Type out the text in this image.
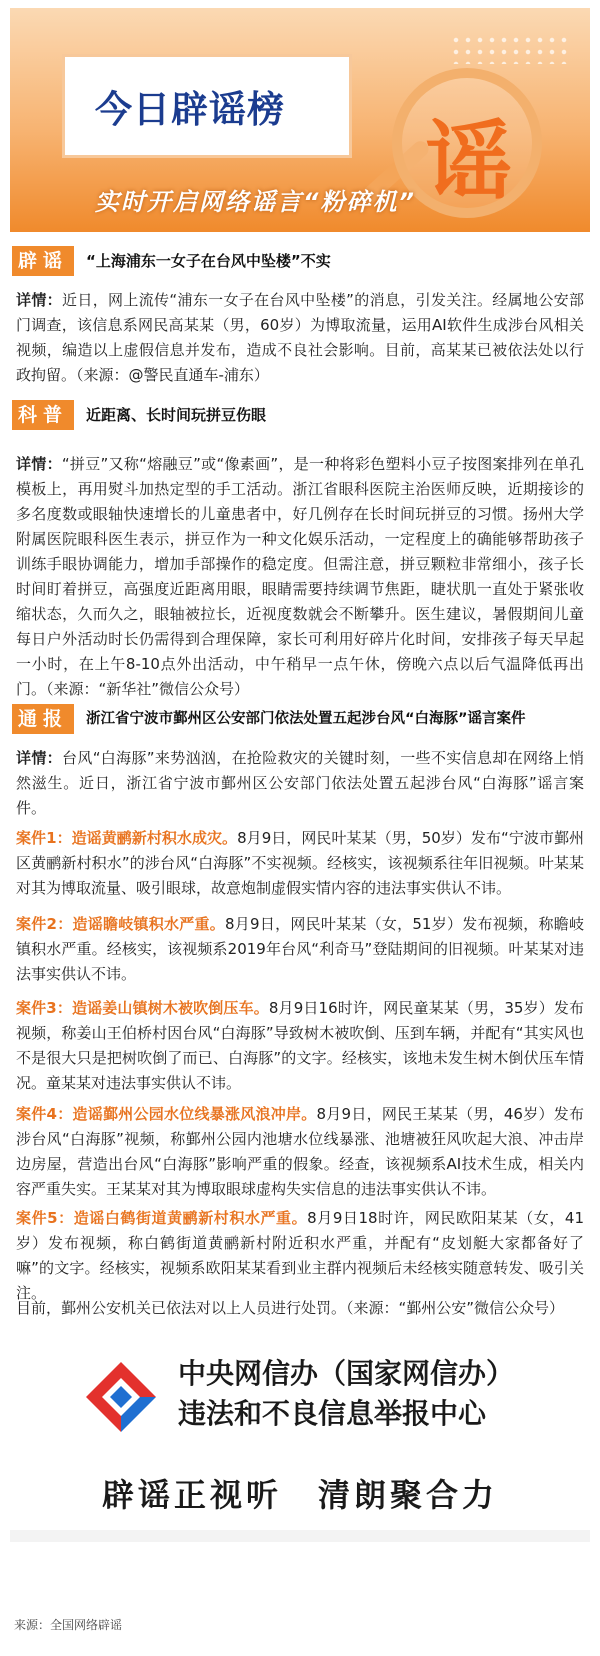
今日辟谣榜
谣
实时开启网络谣言“粉碎机”
辟谣	“上海浦东一女子在台风中坠楼”不实
详情：近日，网上流传“浦东一女子在台风中坠楼”的消息，引发关注。经属地公安部门调查，该信息系网民高某某（男，60岁）为博取流量，运用AI软件生成涉台风相关视频，编造以上虚假信息并发布，造成不良社会影响。目前，高某某已被依法处以行政拘留。（来源：@警民直通车-浦东）
科普	近距离、长时间玩拼豆伤眼
详情：“拼豆”又称“熔融豆”或“像素画”，是一种将彩色塑料小豆子按图案排列在单孔模板上，再用熨斗加热定型的手工活动。浙江省眼科医院主治医师反映，近期接诊的多名度数或眼轴快速增长的儿童患者中，好几例存在长时间玩拼豆的习惯。扬州大学附属医院眼科医生表示，拼豆作为一种文化娱乐活动，一定程度上的确能够帮助孩子训练手眼协调能力，增加手部操作的稳定度。但需注意，拼豆颗粒非常细小，孩子长时间盯着拼豆，高强度近距离用眼，眼睛需要持续调节焦距，睫状肌一直处于紧张收缩状态，久而久之，眼轴被拉长，近视度数就会不断攀升。医生建议，暑假期间儿童每日户外活动时长仍需得到合理保障，家长可利用好碎片化时间，安排孩子每天早起一小时，在上午8-10点外出活动，中午稍早一点午休，傍晚六点以后气温降低再出门。（来源：“新华社”微信公众号）
通报	浙江省宁波市鄞州区公安部门依法处置五起涉台风“白海豚”谣言案件
详情：台风“白海豚”来势汹汹，在抢险救灾的关键时刻，一些不实信息却在网络上悄然滋生。近日，浙江省宁波市鄞州区公安部门依法处置五起涉台风“白海豚”谣言案件。
案件1：造谣黄鹂新村积水成灾。8月9日，网民叶某某（男，50岁）发布“宁波市鄞州区黄鹂新村积水”的涉台风“白海豚”不实视频。经核实，该视频系往年旧视频。叶某某对其为博取流量、吸引眼球，故意炮制虚假实情内容的违法事实供认不讳。
案件2：造谣瞻岐镇积水严重。8月9日，网民叶某某（女，51岁）发布视频，称瞻岐镇积水严重。经核实，该视频系2019年台风“利奇马”登陆期间的旧视频。叶某某对违法事实供认不讳。
案件3：造谣姜山镇树木被吹倒压车。8月9日16时许，网民童某某（男，35岁）发布视频，称姜山王伯桥村因台风“白海豚”导致树木被吹倒、压到车辆，并配有“其实风也不是很大只是把树吹倒了而已、白海豚”的文字。经核实，该地未发生树木倒伏压车情况。童某某对违法事实供认不讳。
案件4：造谣鄞州公园水位线暴涨风浪冲岸。8月9日，网民王某某（男，46岁）发布涉台风“白海豚”视频，称鄞州公园内池塘水位线暴涨、池塘被狂风吹起大浪、冲击岸边房屋，营造出台风“白海豚”影响严重的假象。经查，该视频系AI技术生成，相关内容严重失实。王某某对其为博取眼球虚构失实信息的违法事实供认不讳。
案件5：造谣白鹤街道黄鹂新村积水严重。8月9日18时许，网民欧阳某某（女，41岁）发布视频，称白鹤街道黄鹂新村附近积水严重，并配有“皮划艇大家都备好了嘛”的文字。经核实，视频系欧阳某某看到业主群内视频后未经核实随意转发、吸引关注。
目前，鄞州公安机关已依法对以上人员进行处罚。（来源：“鄞州公安”微信公众号）
中央网信办（国家网信办）
违法和不良信息举报中心
辟谣正视听　清朗聚合力
来源：全国网络辟谣
